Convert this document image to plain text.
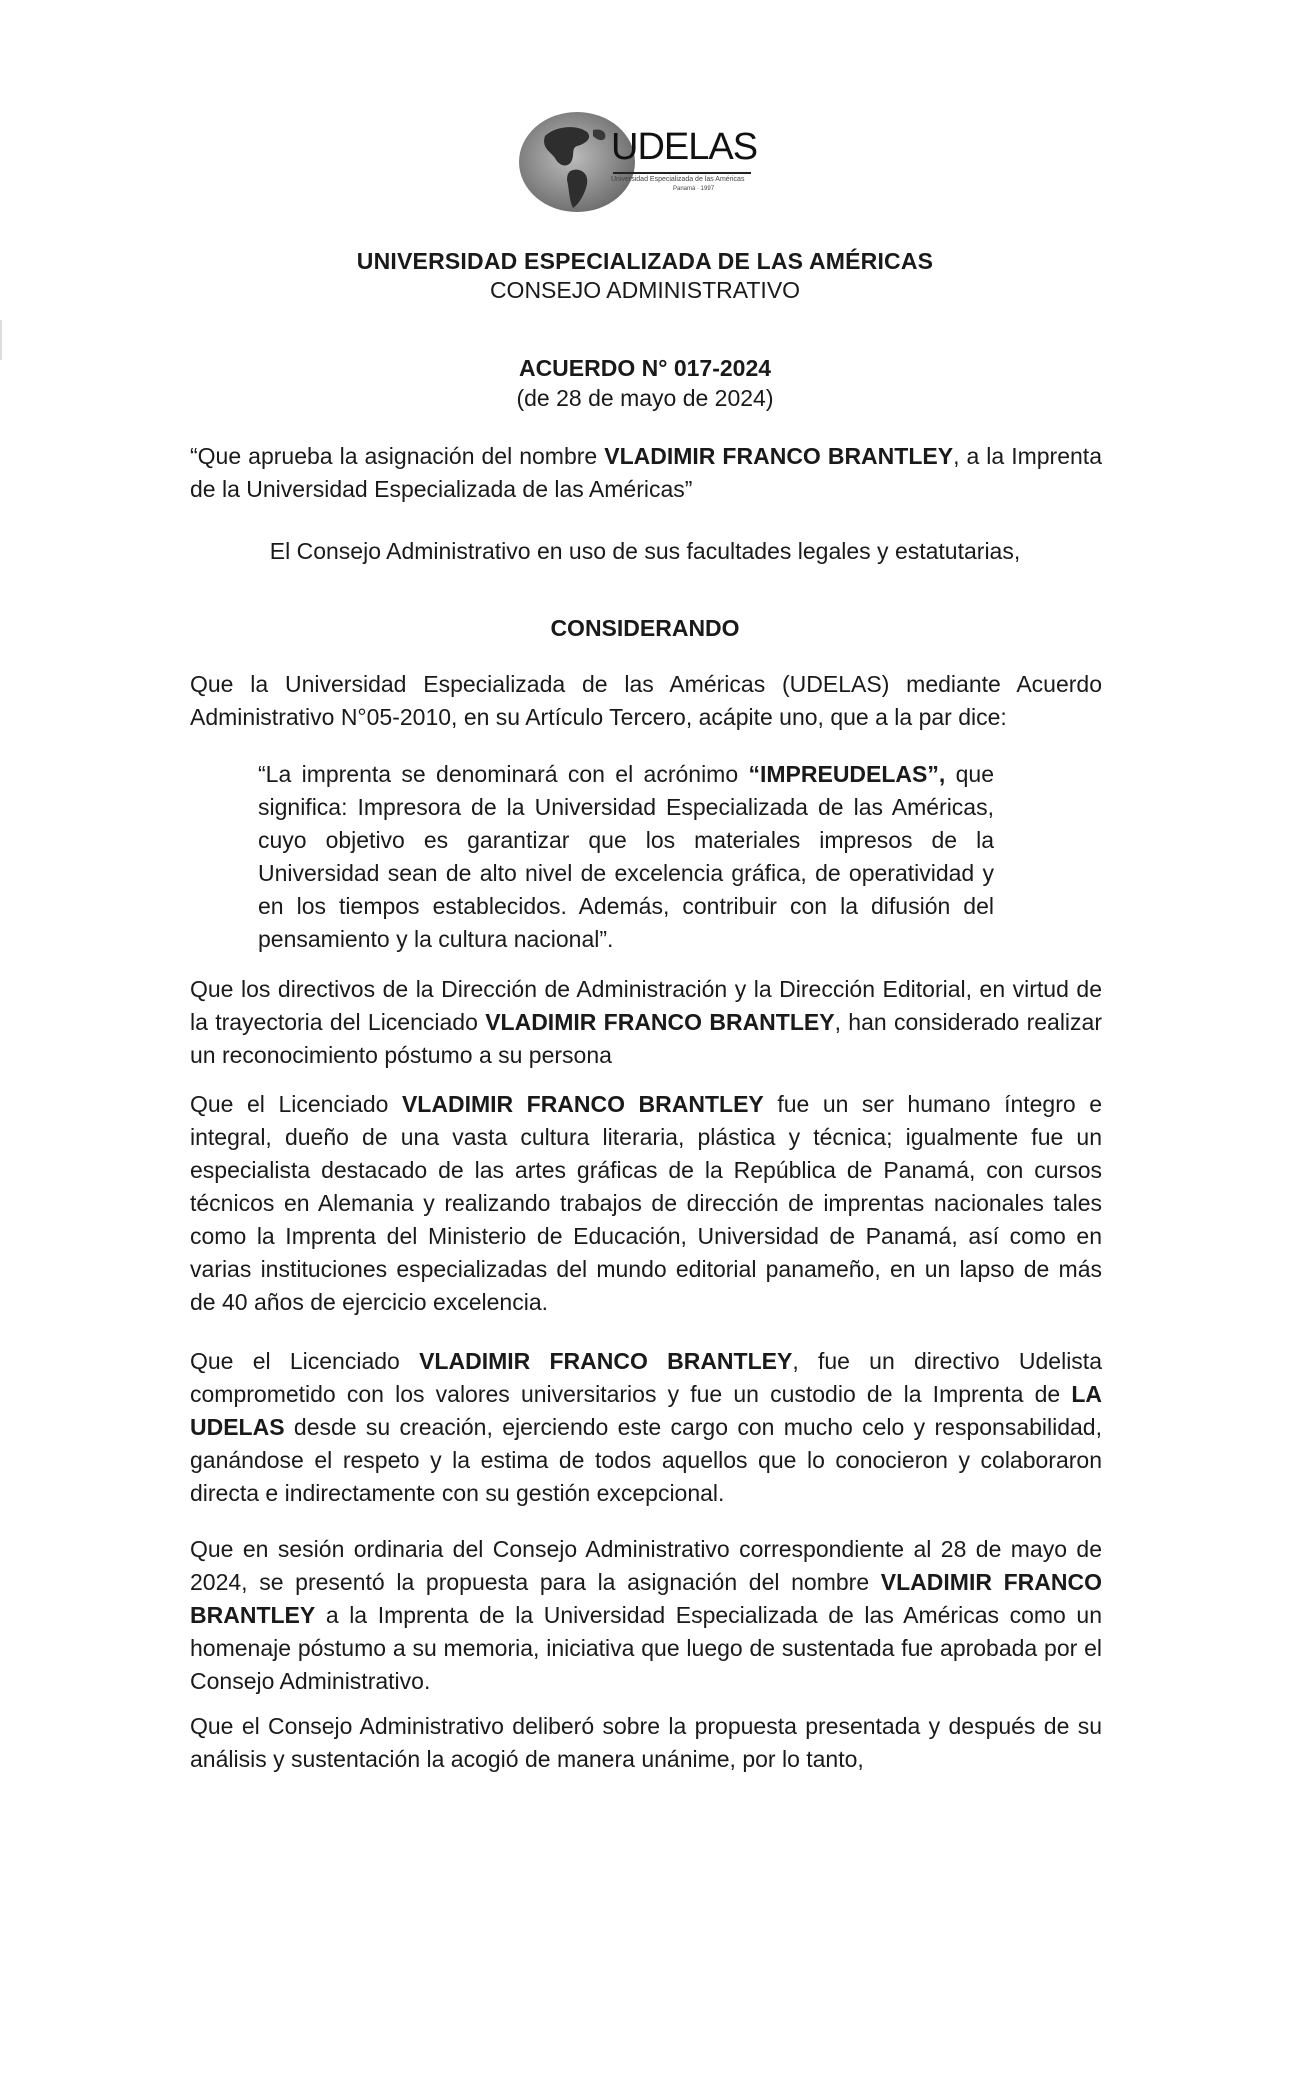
UDELAS
Universidad Especializada de las Américas
Panamá · 1997
UNIVERSIDAD ESPECIALIZADA DE LAS AMÉRICAS
CONSEJO ADMINISTRATIVO
ACUERDO N° 017-2024
(de 28 de mayo de 2024)

“Que aprueba la asignación del nombre VLADIMIR FRANCO BRANTLEY, a la Imprenta de la Universidad Especializada de las Américas”

El Consejo Administrativo en uso de sus facultades legales y estatutarias,
CONSIDERANDO

Que la Universidad Especializada de las Américas (UDELAS) mediante Acuerdo Administrativo N°05-2010, en su Artículo Tercero, acápite uno, que a la par dice:

“La imprenta se denominará con el acrónimo “IMPREUDELAS”, que significa: Impresora de la Universidad Especializada de las Américas, cuyo objetivo es garantizar que los materiales impresos de la Universidad sean de alto nivel de excelencia gráfica, de operatividad y en los tiempos establecidos. Además, contribuir con la difusión del pensamiento y la cultura nacional”.

Que los directivos de la Dirección de Administración y la Dirección Editorial, en virtud de la trayectoria del Licenciado VLADIMIR FRANCO BRANTLEY, han considerado realizar un reconocimiento póstumo a su persona

Que el Licenciado VLADIMIR FRANCO BRANTLEY fue un ser humano íntegro e integral, dueño de una vasta cultura literaria, plástica y técnica; igualmente fue un especialista destacado de las artes gráficas de la República de Panamá, con cursos técnicos en Alemania y realizando trabajos de dirección de imprentas nacionales tales como la Imprenta del Ministerio de Educación, Universidad de Panamá, así como en varias instituciones especializadas del mundo editorial panameño, en un lapso de más de 40 años de ejercicio excelencia.

Que el Licenciado VLADIMIR FRANCO BRANTLEY, fue un directivo Udelista comprometido con los valores universitarios y fue un custodio de la Imprenta de LA UDELAS desde su creación, ejerciendo este cargo con mucho celo y responsabilidad, ganándose el respeto y la estima de todos aquellos que lo conocieron y colaboraron directa e indirectamente con su gestión excepcional.

Que en sesión ordinaria del Consejo Administrativo correspondiente al 28 de mayo de 2024, se presentó la propuesta para la asignación del nombre VLADIMIR FRANCO BRANTLEY a la Imprenta de la Universidad Especializada de las Américas como un homenaje póstumo a su memoria, iniciativa que luego de sustentada fue aprobada por el Consejo Administrativo.

Que el Consejo Administrativo deliberó sobre la propuesta presentada y después de su análisis y sustentación la acogió de manera unánime, por lo tanto,
